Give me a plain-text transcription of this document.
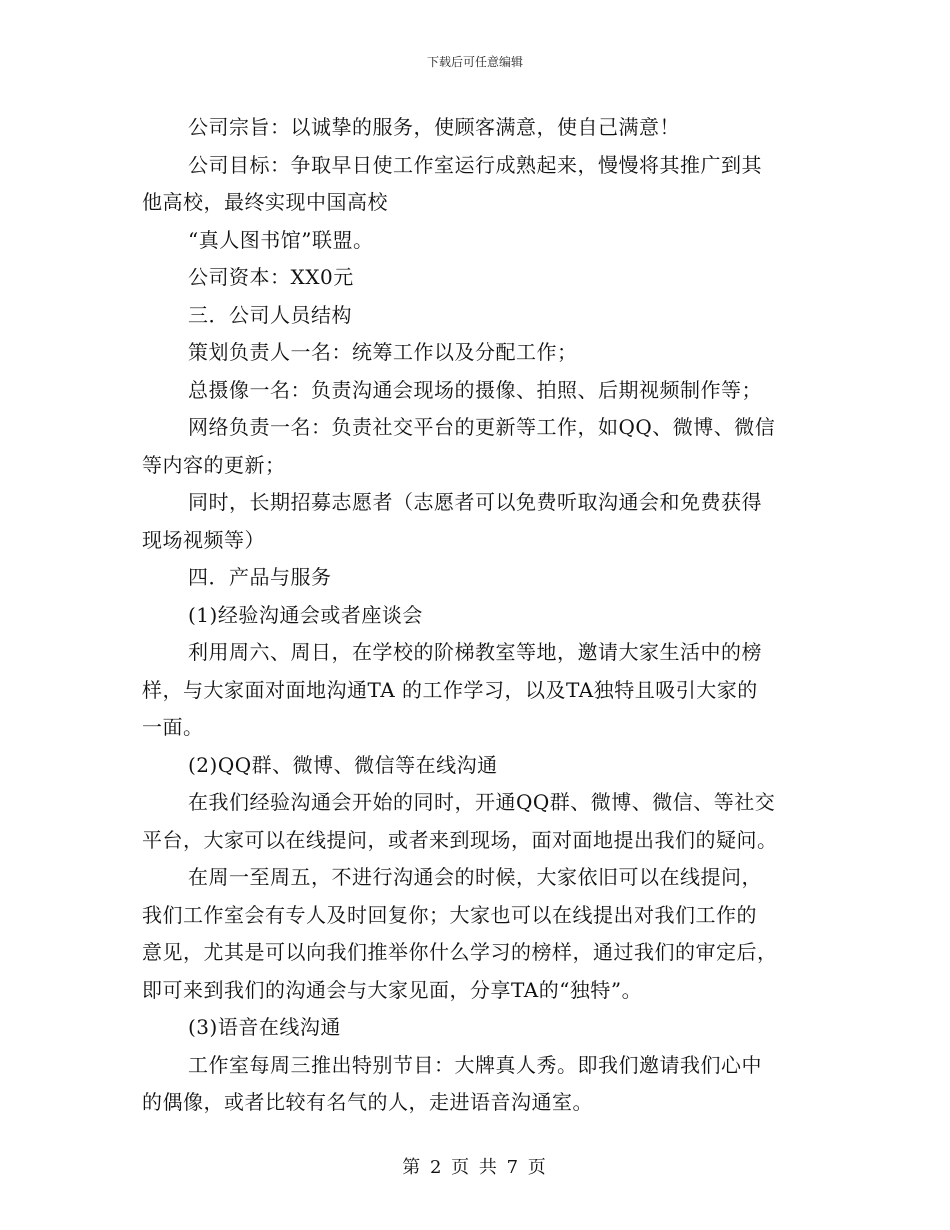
下载后可任意编辑
公司宗旨：以诚挚的服务，使顾客满意，使自己满意！
公司目标：争取早日使工作室运行成熟起来，慢慢将其推广到其
他高校，最终实现中国高校
“真人图书馆”联盟。
公司资本：XX0元
三．公司人员结构
策划负责人一名：统筹工作以及分配工作；
总摄像一名：负责沟通会现场的摄像、拍照、后期视频制作等；
网络负责一名：负责社交平台的更新等工作，如QQ、微博、微信
等内容的更新；
同时，长期招募志愿者（志愿者可以免费听取沟通会和免费获得
现场视频等）
四．产品与服务
(1)经验沟通会或者座谈会
利用周六、周日，在学校的阶梯教室等地，邀请大家生活中的榜
样，与大家面对面地沟通TA 的工作学习，以及TA独特且吸引大家的
一面。
(2)QQ群、微博、微信等在线沟通
在我们经验沟通会开始的同时，开通QQ群、微博、微信、等社交
平台，大家可以在线提问，或者来到现场，面对面地提出我们的疑问。
在周一至周五，不进行沟通会的时候，大家依旧可以在线提问，
我们工作室会有专人及时回复你；大家也可以在线提出对我们工作的
意见，尤其是可以向我们推举你什么学习的榜样，通过我们的审定后，
即可来到我们的沟通会与大家见面，分享TA的“独特”。
(3)语音在线沟通
工作室每周三推出特别节目：大牌真人秀。即我们邀请我们心中
的偶像，或者比较有名气的人，走进语音沟通室。
第 2 页 共 7 页
